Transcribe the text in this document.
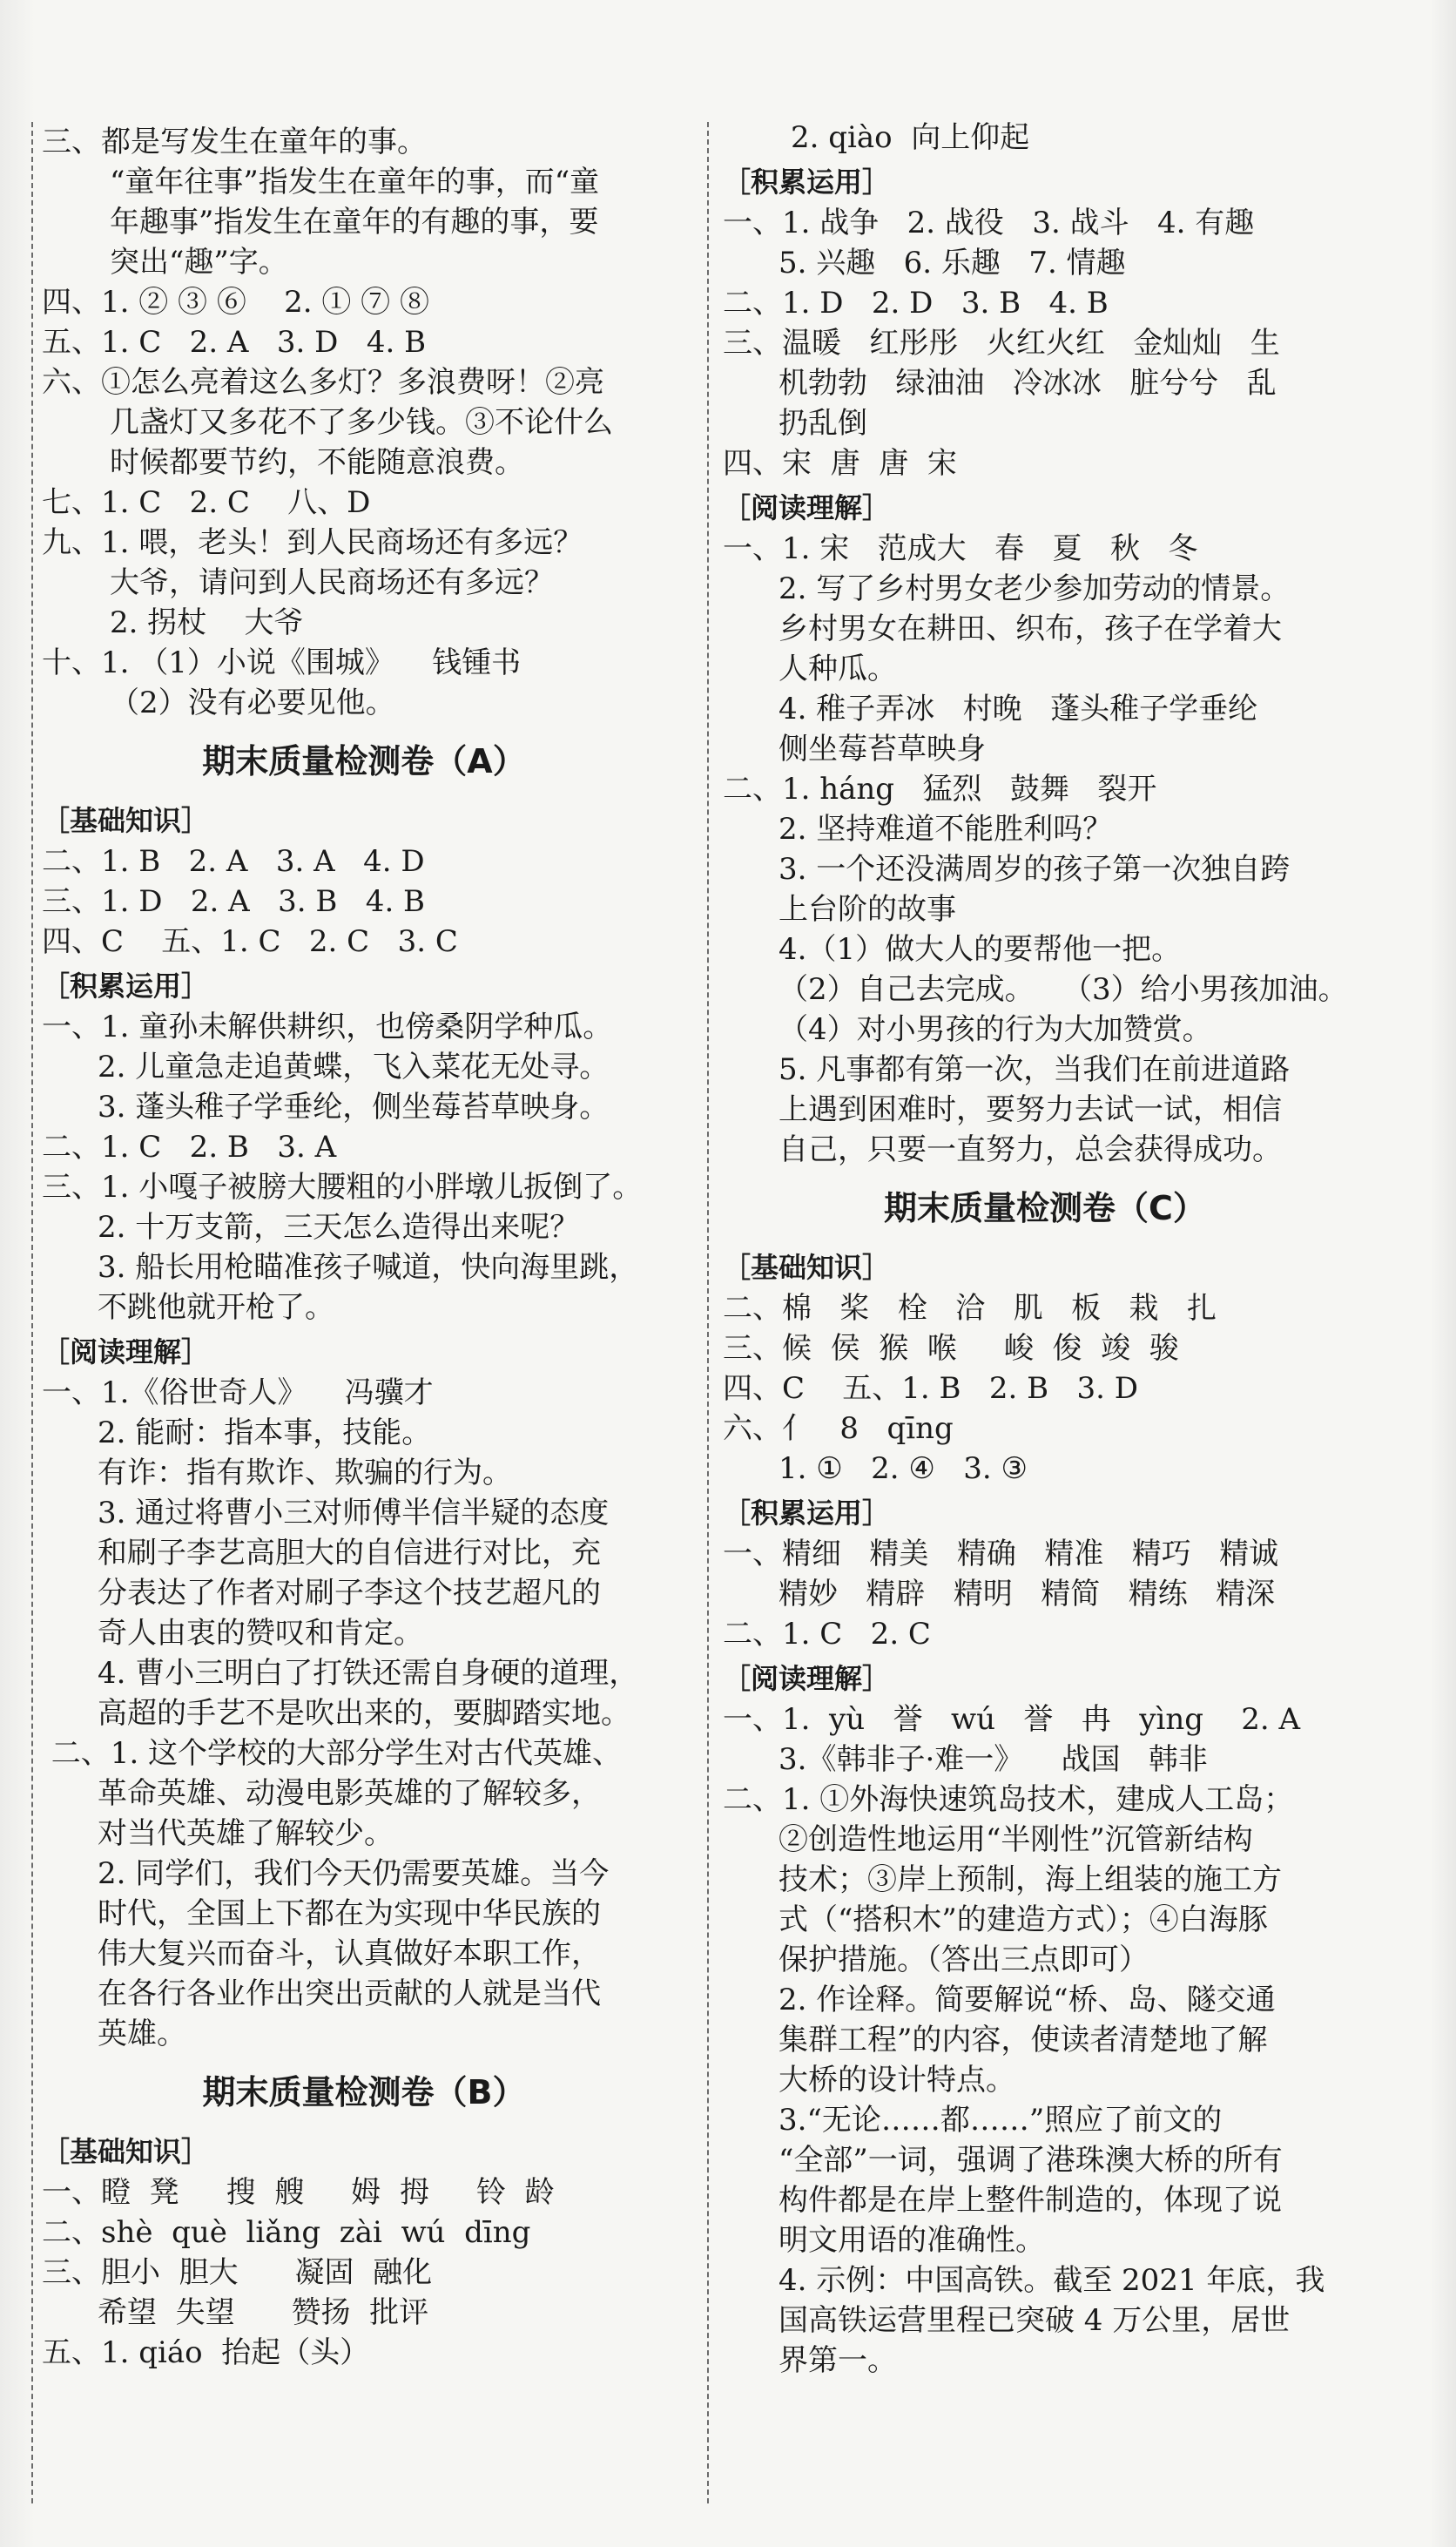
三、都是写发生在童年的事。
“童年往事”指发生在童年的事，而“童
年趣事”指发生在童年的有趣的事，要
突出“趣”字。
四、1. ② ③ ⑥    2. ① ⑦ ⑧
五、1. C   2. A   3. D   4. B
六、①怎么亮着这么多灯？多浪费呀！②亮
几盏灯又多花不了多少钱。③不论什么
时候都要节约，不能随意浪费。
七、1. C   2. C    八、D
九、1. 喂，老头！到人民商场还有多远？
大爷，请问到人民商场还有多远？
2. 拐杖    大爷
十、1. （1）小说《围城》    钱锺书
（2）没有必要见他。
期末质量检测卷（A）
［基础知识］
二、1. B   2. A   3. A   4. D
三、1. D   2. A   3. B   4. B
四、C    五、1. C   2. C   3. C
［积累运用］
一、1. 童孙未解供耕织，也傍桑阴学种瓜。
2. 儿童急走追黄蝶，飞入菜花无处寻。
3. 蓬头稚子学垂纶，侧坐莓苔草映身。
二、1. C   2. B   3. A
三、1. 小嘎子被膀大腰粗的小胖墩儿扳倒了。
2. 十万支箭，三天怎么造得出来呢？
3. 船长用枪瞄准孩子喊道，快向海里跳，
不跳他就开枪了。
［阅读理解］
一、1.《俗世奇人》    冯骥才
2. 能耐：指本事，技能。
有诈：指有欺诈、欺骗的行为。
3. 通过将曹小三对师傅半信半疑的态度
和刷子李艺高胆大的自信进行对比，充
分表达了作者对刷子李这个技艺超凡的
奇人由衷的赞叹和肯定。
4. 曹小三明白了打铁还需自身硬的道理，
高超的手艺不是吹出来的，要脚踏实地。
二、1. 这个学校的大部分学生对古代英雄、
革命英雄、动漫电影英雄的了解较多，
对当代英雄了解较少。
2. 同学们，我们今天仍需要英雄。当今
时代，全国上下都在为实现中华民族的
伟大复兴而奋斗，认真做好本职工作，
在各行各业作出突出贡献的人就是当代
英雄。
期末质量检测卷（B）
［基础知识］
一、瞪  凳     搜  艘     姆  拇     铃  龄
二、shè  què  liǎng  zài  wú  dīng
三、胆小  胆大      凝固  融化
希望  失望      赞扬  批评
五、1. qiáo  抬起（头）
2. qiào  向上仰起
［积累运用］
一、1. 战争   2. 战役   3. 战斗   4. 有趣
5. 兴趣   6. 乐趣   7. 情趣
二、1. D   2. D   3. B   4. B
三、温暖   红彤彤   火红火红   金灿灿   生
机勃勃   绿油油   冷冰冰   脏兮兮   乱
扔乱倒
四、宋  唐  唐  宋
［阅读理解］
一、1. 宋   范成大   春   夏   秋   冬
2. 写了乡村男女老少参加劳动的情景。
乡村男女在耕田、织布，孩子在学着大
人种瓜。
4. 稚子弄冰   村晚   蓬头稚子学垂纶
侧坐莓苔草映身
二、1. háng   猛烈   鼓舞   裂开
2. 坚持难道不能胜利吗？
3. 一个还没满周岁的孩子第一次独自跨
上台阶的故事
4.（1）做大人的要帮他一把。
（2）自己去完成。   （3）给小男孩加油。
（4）对小男孩的行为大加赞赏。
5. 凡事都有第一次，当我们在前进道路
上遇到困难时，要努力去试一试，相信
自己，只要一直努力，总会获得成功。
期末质量检测卷（C）
［基础知识］
二、棉   桨   栓   洽   肌   板   栽   扎
三、候  侯  猴  喉     峻  俊  竣  骏
四、C    五、1. B   2. B   3. D
六、亻   8   qīng
1. ①   2. ④   3. ③
［积累运用］
一、精细   精美   精确   精准   精巧   精诚
精妙   精辟   精明   精简   精练   精深
二、1. C   2. C
［阅读理解］
一、1.  yù   誉   wú   誉   冉   yìng    2. A
3.《韩非子·难一》    战国   韩非
二、1. ①外海快速筑岛技术，建成人工岛；
②创造性地运用“半刚性”沉管新结构
技术；③岸上预制，海上组装的施工方
式（“搭积木”的建造方式）；④白海豚
保护措施。（答出三点即可）
2. 作诠释。简要解说“桥、岛、隧交通
集群工程”的内容，使读者清楚地了解
大桥的设计特点。
3.“无论……都……”照应了前文的
“全部”一词，强调了港珠澳大桥的所有
构件都是在岸上整件制造的，体现了说
明文用语的准确性。
4. 示例：中国高铁。截至 2021 年底，我
国高铁运营里程已突破 4 万公里，居世
界第一。
